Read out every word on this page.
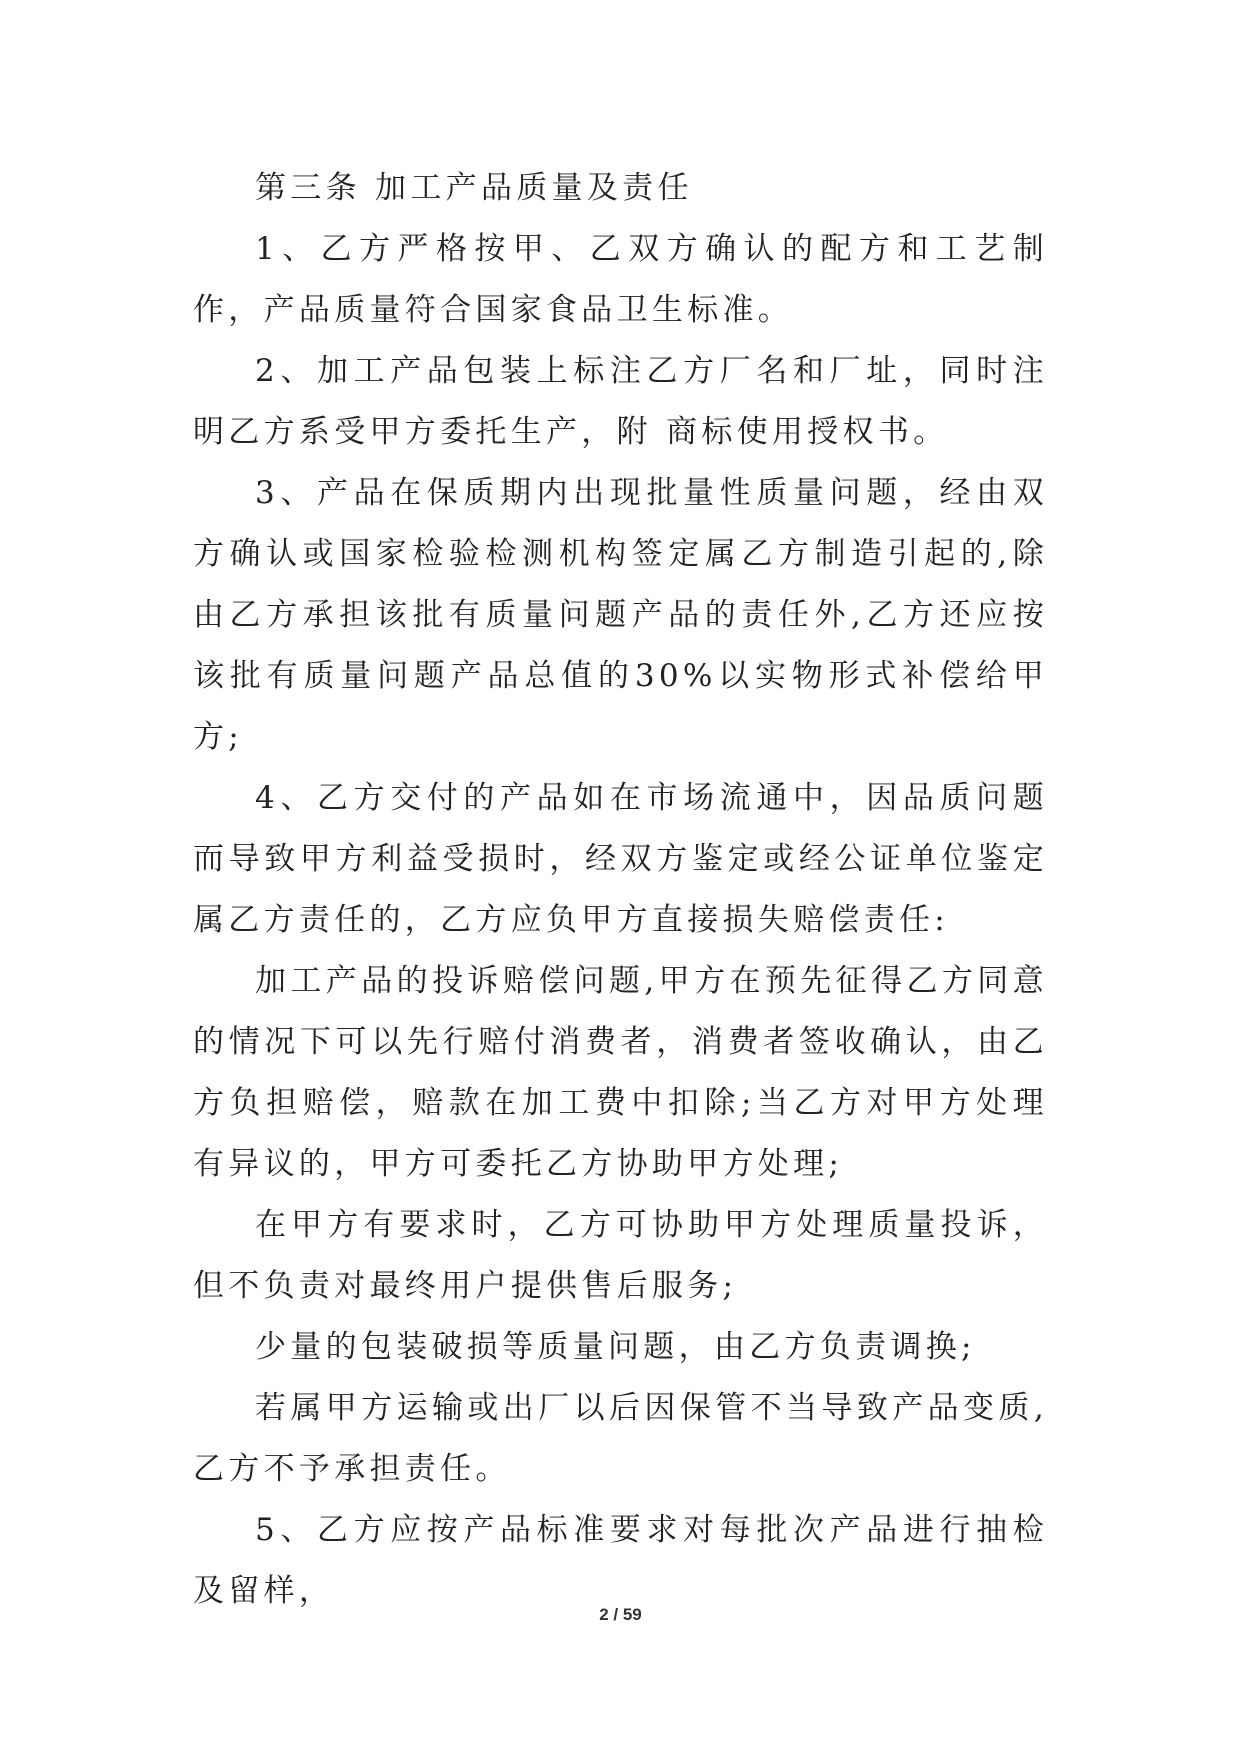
第三条 加工产品质量及责任

1、乙方严格按甲、乙双方确认的配方和工艺制作，产品质量符合国家食品卫生标准。

2、加工产品包装上标注乙方厂名和厂址，同时注明乙方系受甲方委托生产，附 商标使用授权书。

3、产品在保质期内出现批量性质量问题，经由双方确认或国家检验检测机构签定属乙方制造引起的,除由乙方承担该批有质量问题产品的责任外,乙方还应按该批有质量问题产品总值的30%以实物形式补偿给甲方;

4、乙方交付的产品如在市场流通中，因品质问题而导致甲方利益受损时，经双方鉴定或经公证单位鉴定属乙方责任的，乙方应负甲方直接损失赔偿责任:

加工产品的投诉赔偿问题,甲方在预先征得乙方同意的情况下可以先行赔付消费者，消费者签收确认，由乙方负担赔偿，赔款在加工费中扣除;当乙方对甲方处理有异议的，甲方可委托乙方协助甲方处理;

在甲方有要求时，乙方可协助甲方处理质量投诉，但不负责对最终用户提供售后服务;

少量的包装破损等质量问题，由乙方负责调换;

若属甲方运输或出厂以后因保管不当导致产品变质,乙方不予承担责任。

5、乙方应按产品标准要求对每批次产品进行抽检及留样，

2 / 59
